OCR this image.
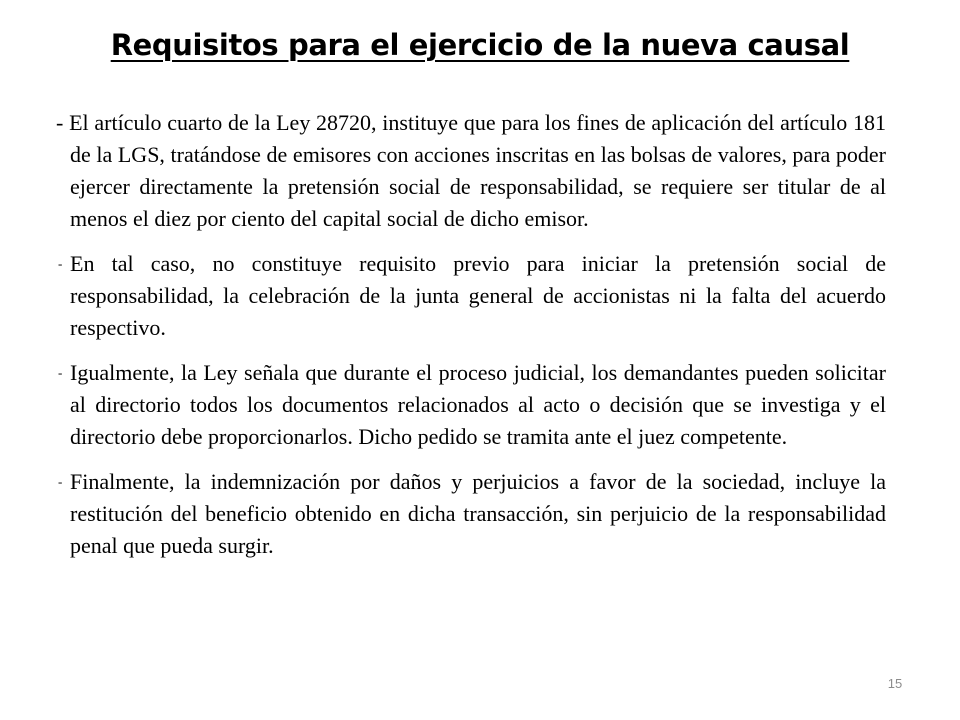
Requisitos para el ejercicio de la nueva causal
- El artículo cuarto de la Ley 28720, instituye que para los fines de aplicación del artículo 181 de la LGS, tratándose de emisores con acciones inscritas en las bolsas de valores, para poder ejercer directamente la pretensión social de responsabilidad, se requiere ser titular de al menos el diez por ciento del capital social de dicho emisor.
- En tal caso, no constituye requisito previo para iniciar la pretensión social de responsabilidad, la celebración de la junta general de accionistas ni la falta del acuerdo respectivo.
- Igualmente, la Ley señala que durante el proceso judicial, los demandantes pueden solicitar al directorio todos los documentos relacionados al acto o decisión que se investiga y el directorio debe proporcionarlos. Dicho pedido se tramita ante el juez competente.
- Finalmente, la indemnización por daños y perjuicios a favor de la sociedad, incluye la restitución del beneficio obtenido en dicha transacción, sin perjuicio de la responsabilidad penal que pueda surgir.
15
